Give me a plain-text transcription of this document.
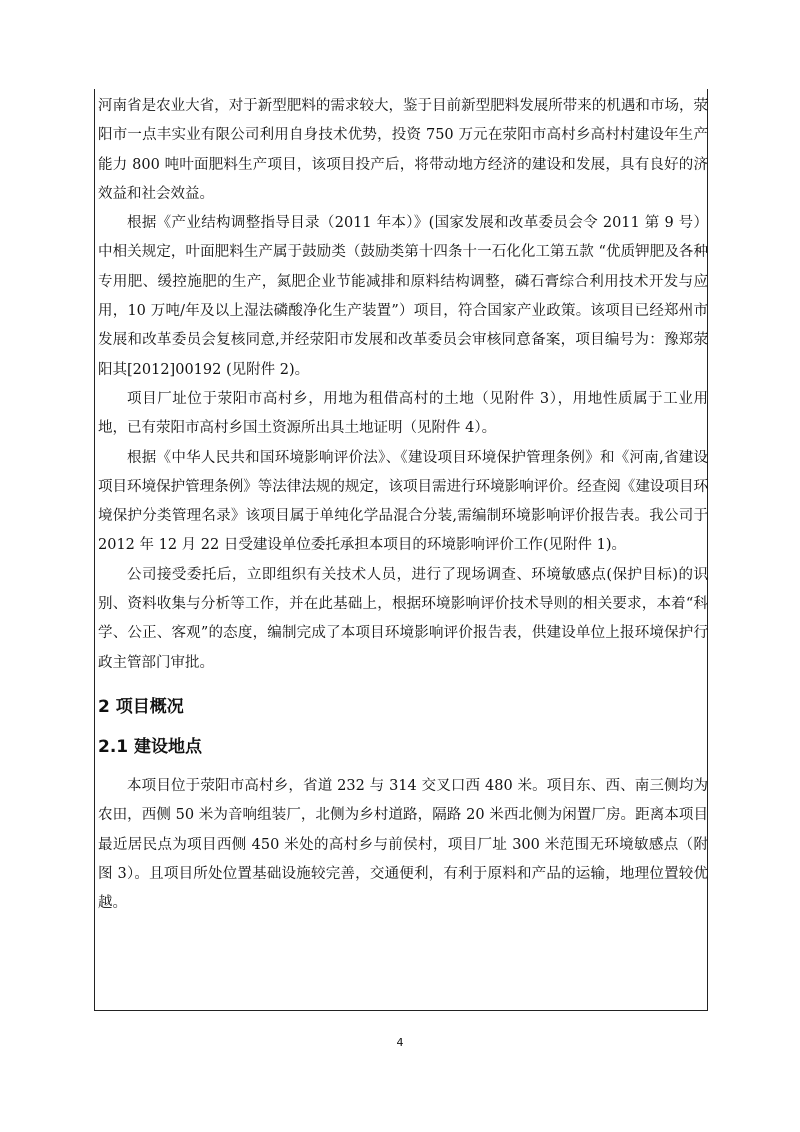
河南省是农业大省，对于新型肥料的需求较大，鉴于目前新型肥料发展所带来的机遇和市场，荥阳市一点丰实业有限公司利用自身技术优势，投资 750 万元在荥阳市高村乡高村村建设年生产能力 800 吨叶面肥料生产项目，该项目投产后，将带动地方经济的建设和发展，具有良好的济效益和社会效益。

根据《产业结构调整指导目录（2011 年本）》(国家发展和改革委员会令 2011 第 9 号）中相关规定，叶面肥料生产属于鼓励类（鼓励类第十四条十一石化化工第五款 “优质钾肥及各种专用肥、缓控施肥的生产，氮肥企业节能减排和原料结构调整，磷石膏综合利用技术开发与应用，10 万吨/年及以上湿法磷酸净化生产装置”）项目，符合国家产业政策。该项目已经郑州市发展和改革委员会复核同意,并经荥阳市发展和改革委员会审核同意备案，项目编号为：豫郑荥阳其[2012]00192 (见附件 2)。

项目厂址位于荥阳市高村乡，用地为租借高村的土地（见附件 3），用地性质属于工业用地，已有荥阳市高村乡国土资源所出具土地证明（见附件 4）。

根据《中华人民共和国环境影响评价法》、《建设项目环境保护管理条例》和《河南,省建设项目环境保护管理条例》等法律法规的规定，该项目需进行环境影响评价。经查阅《建设项目环境保护分类管理名录》该项目属于单纯化学品混合分装,需编制环境影响评价报告表。我公司于 2012 年 12 月 22 日受建设单位委托承担本项目的环境影响评价工作(见附件 1)。

公司接受委托后，立即组织有关技术人员，进行了现场调查、环境敏感点(保护目标)的识别、资料收集与分析等工作，并在此基础上，根据环境影响评价技术导则的相关要求，本着“科学、公正、客观”的态度，编制完成了本项目环境影响评价报告表，供建设单位上报环境保护行政主管部门审批。

2 项目概况
2.1 建设地点

本项目位于荥阳市高村乡，省道 232 与 314 交叉口西 480 米。项目东、西、南三侧均为农田，西侧 50 米为音响组装厂，北侧为乡村道路，隔路 20 米西北侧为闲置厂房。距离本项目最近居民点为项目西侧 450 米处的高村乡与前侯村，项目厂址 300 米范围无环境敏感点（附图 3）。且项目所处位置基础设施较完善，交通便利，有利于原料和产品的运输，地理位置较优越。

4
